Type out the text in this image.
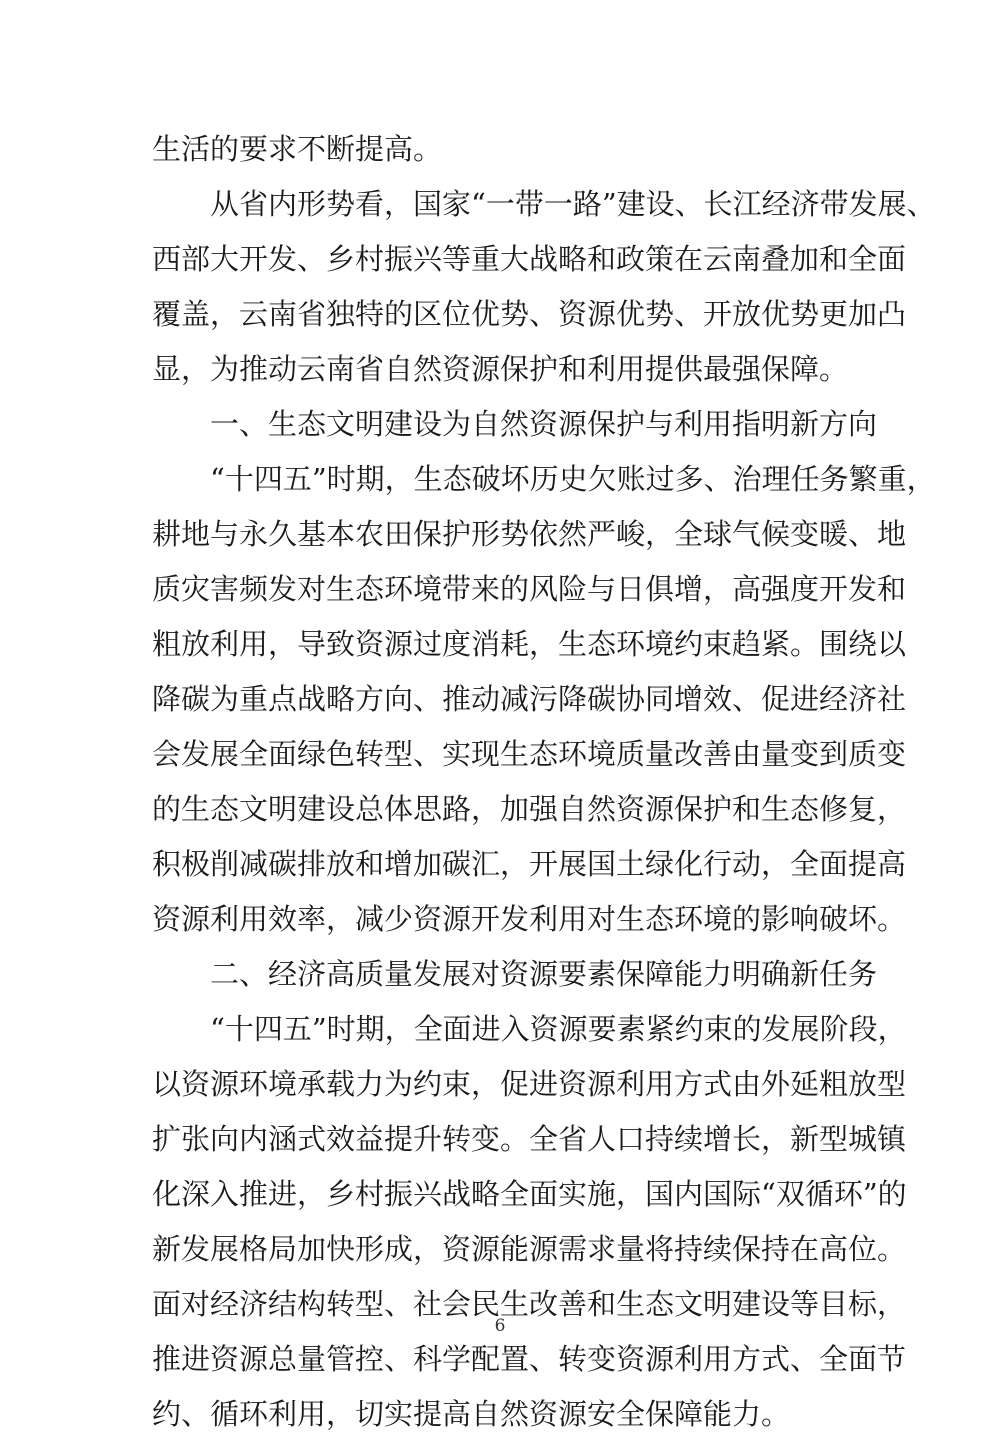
生活的要求不断提高。
从省内形势看，国家“一带一路”建设、长江经济带发展、
西部大开发、乡村振兴等重大战略和政策在云南叠加和全面
覆盖，云南省独特的区位优势、资源优势、开放优势更加凸
显，为推动云南省自然资源保护和利用提供最强保障。
一、生态文明建设为自然资源保护与利用指明新方向
“十四五”时期，生态破坏历史欠账过多、治理任务繁重，
耕地与永久基本农田保护形势依然严峻，全球气候变暖、地
质灾害频发对生态环境带来的风险与日俱增，高强度开发和
粗放利用，导致资源过度消耗，生态环境约束趋紧。围绕以
降碳为重点战略方向、推动减污降碳协同增效、促进经济社
会发展全面绿色转型、实现生态环境质量改善由量变到质变
的生态文明建设总体思路，加强自然资源保护和生态修复，
积极削减碳排放和增加碳汇，开展国土绿化行动，全面提高
资源利用效率，减少资源开发利用对生态环境的影响破坏。
二、经济高质量发展对资源要素保障能力明确新任务
“十四五”时期，全面进入资源要素紧约束的发展阶段，
以资源环境承载力为约束，促进资源利用方式由外延粗放型
扩张向内涵式效益提升转变。全省人口持续增长，新型城镇
化深入推进，乡村振兴战略全面实施，国内国际“双循环”的
新发展格局加快形成，资源能源需求量将持续保持在高位。
面对经济结构转型、社会民生改善和生态文明建设等目标，
推进资源总量管控、科学配置、转变资源利用方式、全面节
约、循环利用，切实提高自然资源安全保障能力。
6
